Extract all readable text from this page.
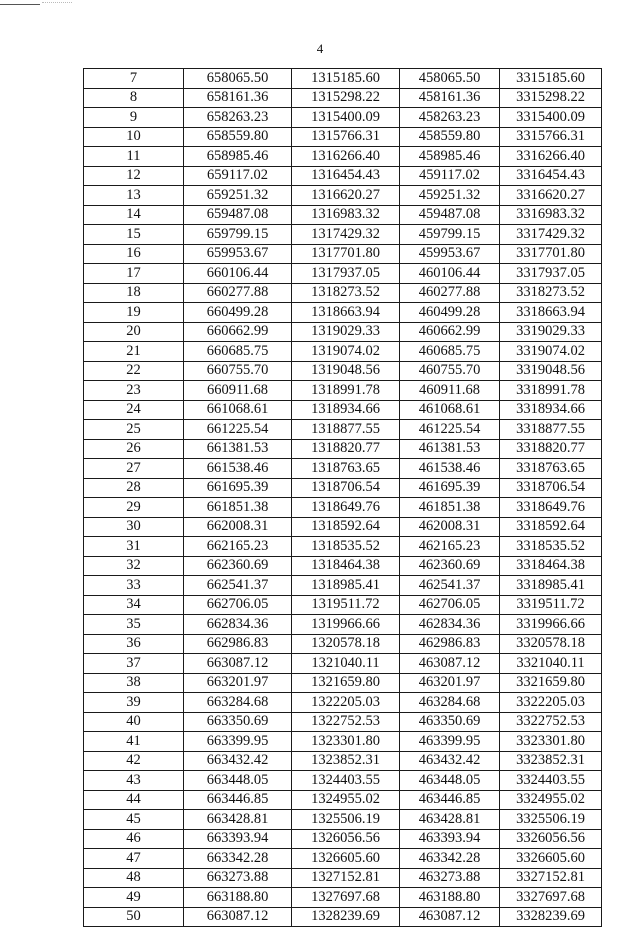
4
7	658065.50	1315185.60	458065.50	3315185.60
8	658161.36	1315298.22	458161.36	3315298.22
9	658263.23	1315400.09	458263.23	3315400.09
10	658559.80	1315766.31	458559.80	3315766.31
11	658985.46	1316266.40	458985.46	3316266.40
12	659117.02	1316454.43	459117.02	3316454.43
13	659251.32	1316620.27	459251.32	3316620.27
14	659487.08	1316983.32	459487.08	3316983.32
15	659799.15	1317429.32	459799.15	3317429.32
16	659953.67	1317701.80	459953.67	3317701.80
17	660106.44	1317937.05	460106.44	3317937.05
18	660277.88	1318273.52	460277.88	3318273.52
19	660499.28	1318663.94	460499.28	3318663.94
20	660662.99	1319029.33	460662.99	3319029.33
21	660685.75	1319074.02	460685.75	3319074.02
22	660755.70	1319048.56	460755.70	3319048.56
23	660911.68	1318991.78	460911.68	3318991.78
24	661068.61	1318934.66	461068.61	3318934.66
25	661225.54	1318877.55	461225.54	3318877.55
26	661381.53	1318820.77	461381.53	3318820.77
27	661538.46	1318763.65	461538.46	3318763.65
28	661695.39	1318706.54	461695.39	3318706.54
29	661851.38	1318649.76	461851.38	3318649.76
30	662008.31	1318592.64	462008.31	3318592.64
31	662165.23	1318535.52	462165.23	3318535.52
32	662360.69	1318464.38	462360.69	3318464.38
33	662541.37	1318985.41	462541.37	3318985.41
34	662706.05	1319511.72	462706.05	3319511.72
35	662834.36	1319966.66	462834.36	3319966.66
36	662986.83	1320578.18	462986.83	3320578.18
37	663087.12	1321040.11	463087.12	3321040.11
38	663201.97	1321659.80	463201.97	3321659.80
39	663284.68	1322205.03	463284.68	3322205.03
40	663350.69	1322752.53	463350.69	3322752.53
41	663399.95	1323301.80	463399.95	3323301.80
42	663432.42	1323852.31	463432.42	3323852.31
43	663448.05	1324403.55	463448.05	3324403.55
44	663446.85	1324955.02	463446.85	3324955.02
45	663428.81	1325506.19	463428.81	3325506.19
46	663393.94	1326056.56	463393.94	3326056.56
47	663342.28	1326605.60	463342.28	3326605.60
48	663273.88	1327152.81	463273.88	3327152.81
49	663188.80	1327697.68	463188.80	3327697.68
50	663087.12	1328239.69	463087.12	3328239.69
